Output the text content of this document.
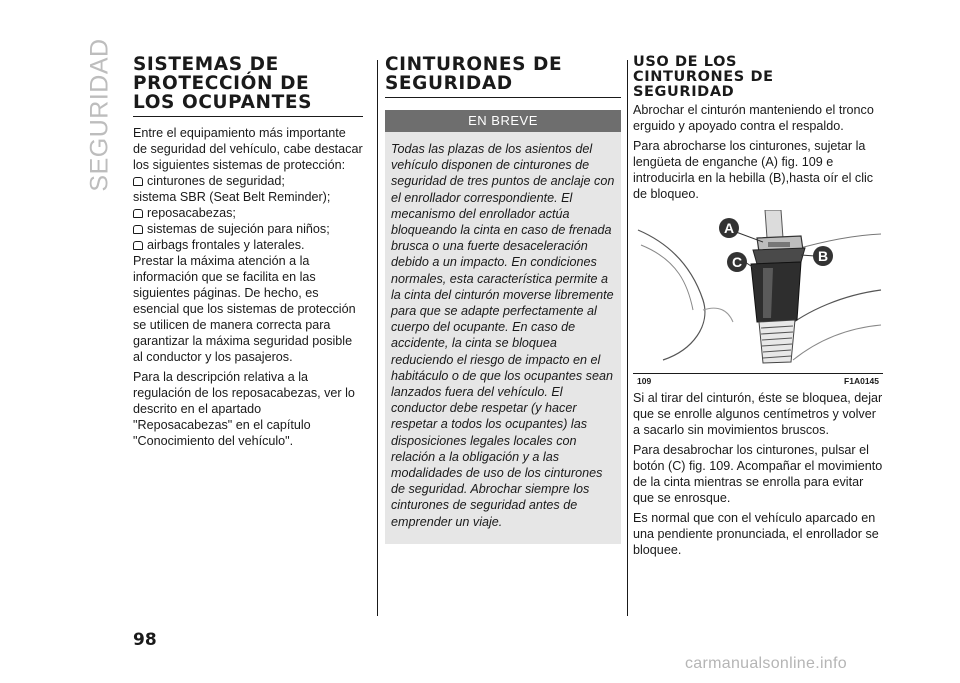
SEGURIDAD SISTEMAS DE
PROTECCIÓN DE
LOS OCUPANTES

Entre el equipamiento más importante de seguridad del vehículo, cabe destacar los siguientes sistemas de protección:

cinturones de seguridad;
sistema SBR (Seat Belt Reminder);
reposacabezas;
sistemas de sujeción para niños;
airbags frontales y laterales.

Prestar la máxima atención a la información que se facilita en las siguientes páginas. De hecho, es esencial que los sistemas de protección se utilicen de manera correcta para garantizar la máxima seguridad posible al conductor y los pasajeros.

Para la descripción relativa a la regulación de los reposacabezas, ver lo descrito en el apartado "Reposacabezas" en el capítulo "Conocimiento del vehículo".

CINTURONES DE
SEGURIDAD
EN BREVE
Todas las plazas de los asientos del vehículo disponen de cinturones de seguridad de tres puntos de anclaje con el enrollador correspondiente. El mecanismo del enrollador actúa bloqueando la cinta en caso de frenada brusca o una fuerte desaceleración debido a un impacto. En condiciones normales, esta característica permite a la cinta del cinturón moverse libremente para que se adapte perfectamente al cuerpo del ocupante. En caso de accidente, la cinta se bloquea reduciendo el riesgo de impacto en el habitáculo o de que los ocupantes sean lanzados fuera del vehículo. El conductor debe respetar (y hacer respetar a todos los ocupantes) las disposiciones legales locales con relación a la obligación y a las modalidades de uso de los cinturones de seguridad. Abrochar siempre los cinturones de seguridad antes de emprender un viaje.
USO DE LOS
CINTURONES DE
SEGURIDAD

Abrochar el cinturón manteniendo el tronco erguido y apoyado contra el respaldo.

Para abrocharse los cinturones, sujetar la lengüeta de enganche (A) fig. 109 e introducirla en la hebilla (B),hasta oír el clic de bloqueo.

A
B
C
109	F1A0145

Si al tirar del cinturón, éste se bloquea, dejar que se enrolle algunos centímetros y volver a sacarlo sin movimientos bruscos.

Para desabrochar los cinturones, pulsar el botón (C) fig. 109. Acompañar el movimiento de la cinta mientras se enrolla para evitar que se enrosque.

Es normal que con el vehículo aparcado en una pendiente pronunciada, el enrollador se bloquee.

98
carmanualsonline.info
